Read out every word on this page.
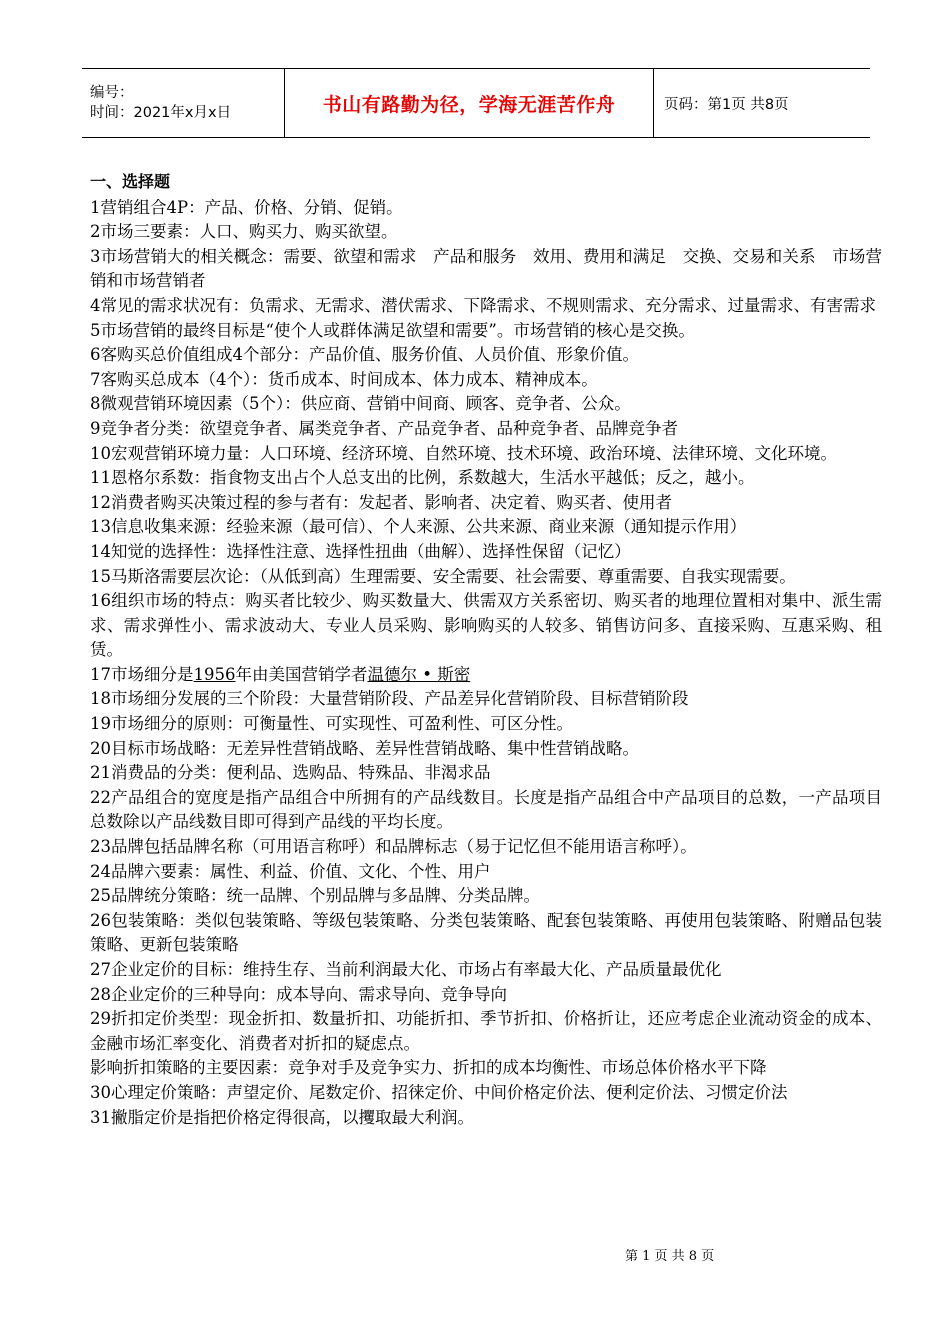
编号：
时间：2021年x月x日	书山有路勤为径，学海无涯苦作舟	页码：第1页 共8页
一、选择题

1营销组合4P：产品、价格、分销、促销。

2市场三要素：人口、购买力、购买欲望。

3市场营销大的相关概念：需要、欲望和需求　产品和服务　效用、费用和满足　交换、交易和关系　市场营销和市场营销者

4常见的需求状况有：负需求、无需求、潜伏需求、下降需求、不规则需求、充分需求、过量需求、有害需求

5市场营销的最终目标是“使个人或群体满足欲望和需要”。市场营销的核心是交换。

6客购买总价值组成4个部分：产品价值、服务价值、人员价值、形象价值。

7客购买总成本（4个）：货币成本、时间成本、体力成本、精神成本。

8微观营销环境因素（5个）：供应商、营销中间商、顾客、竞争者、公众。

9竞争者分类：欲望竞争者、属类竞争者、产品竞争者、品种竞争者、品牌竞争者

10宏观营销环境力量：人口环境、经济环境、自然环境、技术环境、政治环境、法律环境、文化环境。

11恩格尔系数：指食物支出占个人总支出的比例，系数越大，生活水平越低；反之，越小。

12消费者购买决策过程的参与者有：发起者、影响者、决定着、购买者、使用者

13信息收集来源：经验来源（最可信）、个人来源、公共来源、商业来源（通知提示作用）

14知觉的选择性：选择性注意、选择性扭曲（曲解）、选择性保留（记忆）

15马斯洛需要层次论：（从低到高）生理需要、安全需要、社会需要、尊重需要、自我实现需要。

16组织市场的特点：购买者比较少、购买数量大、供需双方关系密切、购买者的地理位置相对集中、派生需求、需求弹性小、需求波动大、专业人员采购、影响购买的人较多、销售访问多、直接采购、互惠采购、租赁。

17市场细分是1956年由美国营销学者温德尔 • 斯密

18市场细分发展的三个阶段：大量营销阶段、产品差异化营销阶段、目标营销阶段

19市场细分的原则：可衡量性、可实现性、可盈利性、可区分性。

20目标市场战略：无差异性营销战略、差异性营销战略、集中性营销战略。

21消费品的分类：便利品、选购品、特殊品、非渴求品

22产品组合的宽度是指产品组合中所拥有的产品线数目。长度是指产品组合中产品项目的总数，一产品项目总数除以产品线数目即可得到产品线的平均长度。

23品牌包括品牌名称（可用语言称呼）和品牌标志（易于记忆但不能用语言称呼）。

24品牌六要素：属性、利益、价值、文化、个性、用户

25品牌统分策略：统一品牌、个别品牌与多品牌、分类品牌。

26包装策略：类似包装策略、等级包装策略、分类包装策略、配套包装策略、再使用包装策略、附赠品包装策略、更新包装策略

27企业定价的目标：维持生存、当前利润最大化、市场占有率最大化、产品质量最优化

28企业定价的三种导向：成本导向、需求导向、竞争导向

29折扣定价类型：现金折扣、数量折扣、功能折扣、季节折扣、价格折让，还应考虑企业流动资金的成本、金融市场汇率变化、消费者对折扣的疑虑点。

影响折扣策略的主要因素：竞争对手及竞争实力、折扣的成本均衡性、市场总体价格水平下降

30心理定价策略：声望定价、尾数定价、招徕定价、中间价格定价法、便利定价法、习惯定价法

31撇脂定价是指把价格定得很高，以攫取最大利润。

第 1 页 共 8 页
